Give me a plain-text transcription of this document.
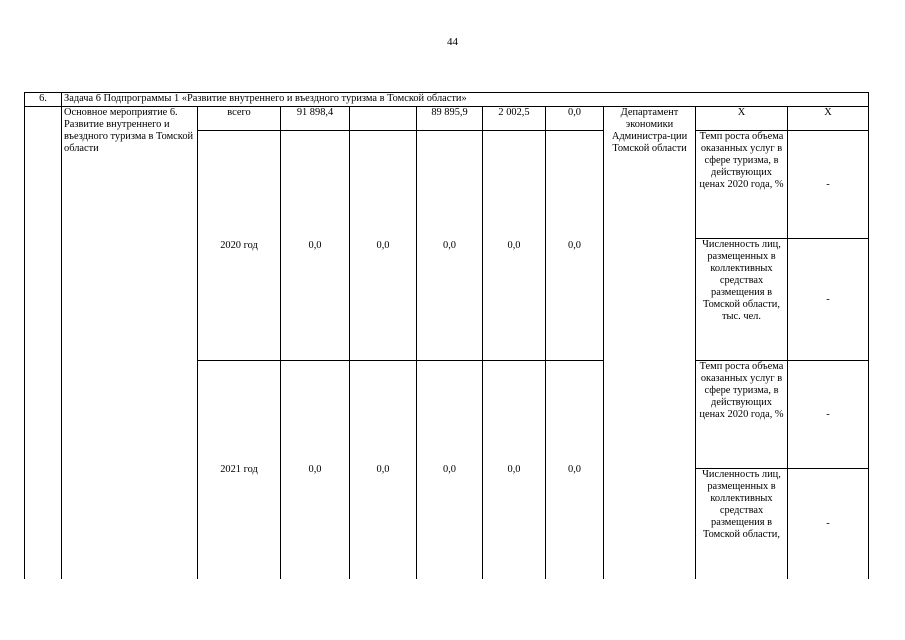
44
6.	Задача 6 Подпрограммы 1 «Развитие внутреннего и въездного туризма в Томской области»									
	Основное мероприятие 6. Развитие внутреннего и въездного туризма в Томской области	всего	91 898,4		89 895,9	2 002,5	0,0	Департамент экономики Администра-ции Томской области	Х	Х
		2020 год	0,0	0,0	0,0	0,0	0,0		Темп роста объема оказанных услуг в сфере туризма, в действующих ценах 2020 года, %	-
									Численность лиц, размещенных в коллективных средствах размещения в Томской области, тыс. чел.	-
		2021 год	0,0	0,0	0,0	0,0	0,0		Темп роста объема оказанных услуг в сфере туризма, в действующих ценах 2020 года, %	-
									Численность лиц, размещенных в коллективных средствах размещения в Томской области,	-
